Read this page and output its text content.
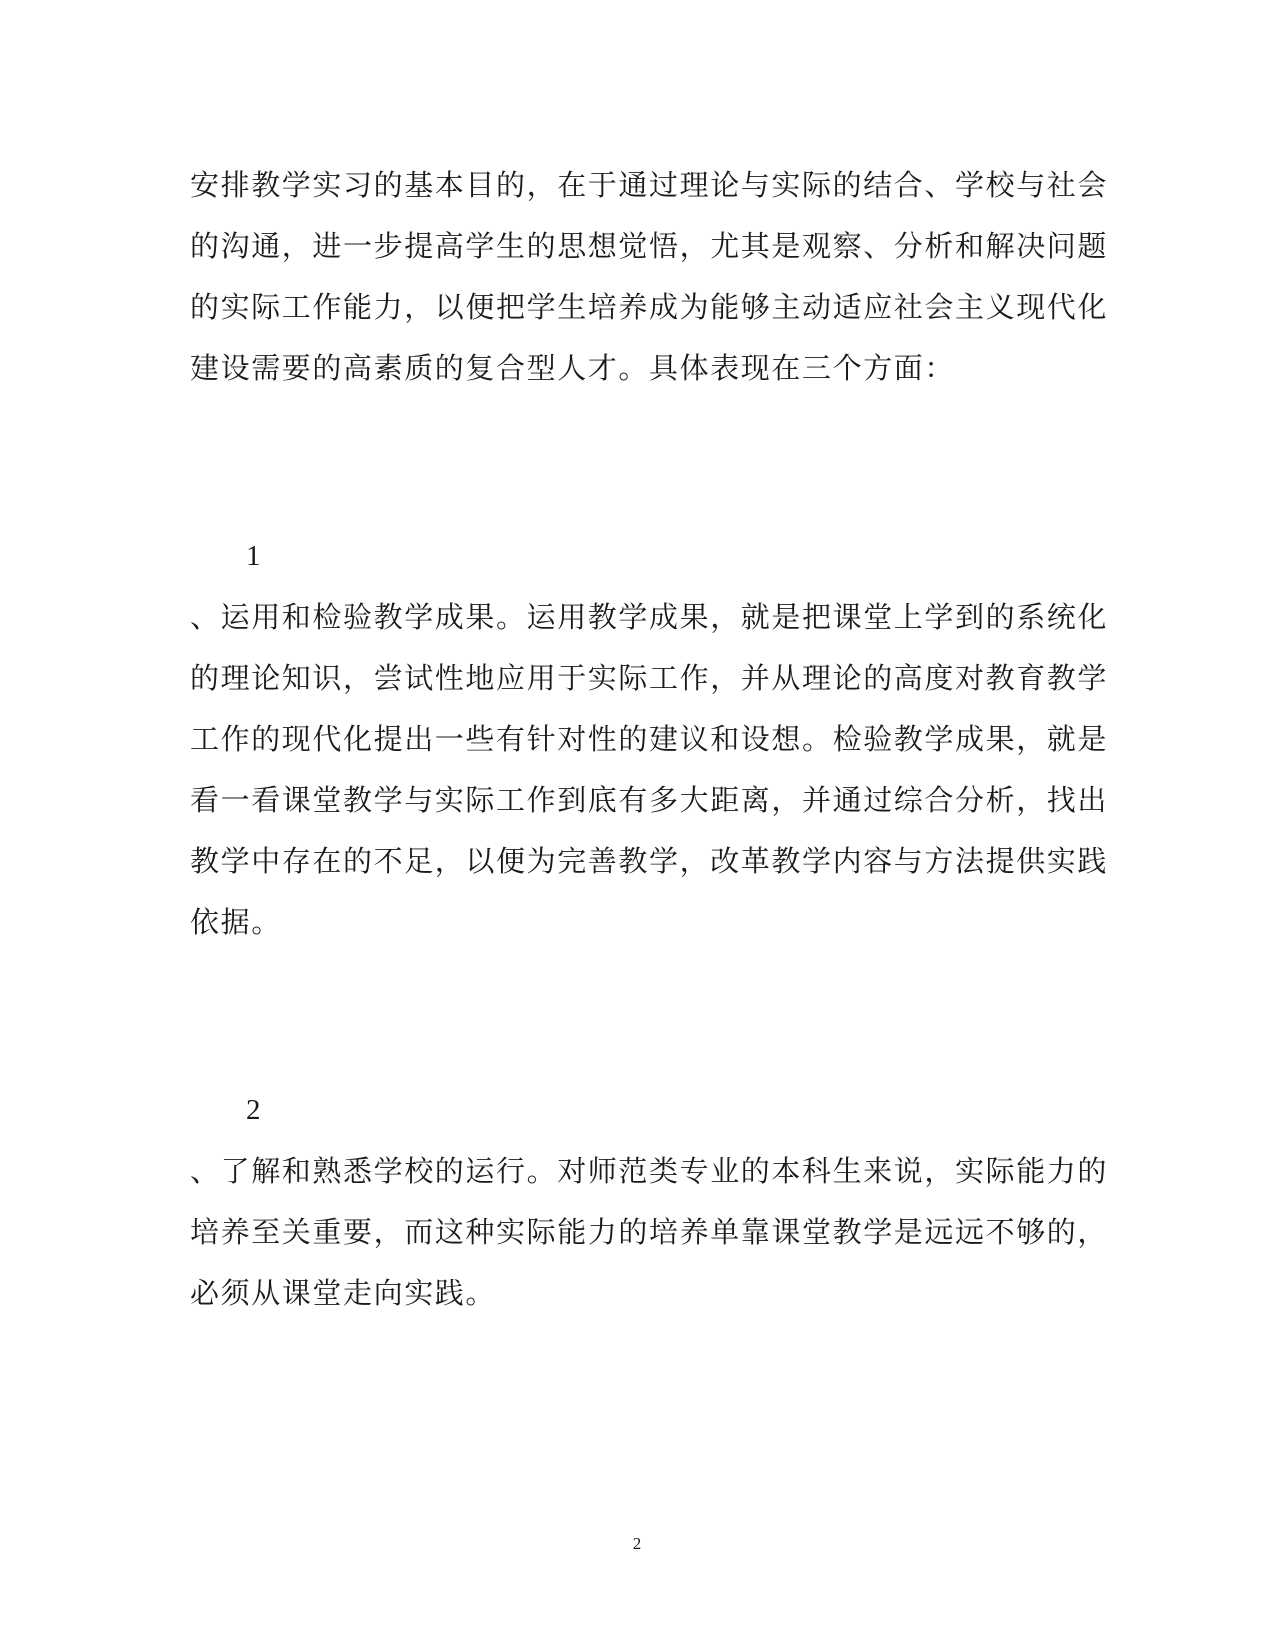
安排教学实习的基本目的，在于通过理论与实际的结合、学校与社会
的沟通，进一步提高学生的思想觉悟，尤其是观察、分析和解决问题
的实际工作能力，以便把学生培养成为能够主动适应社会主义现代化
建设需要的高素质的复合型人才。具体表现在三个方面：
1
、运用和检验教学成果。运用教学成果，就是把课堂上学到的系统化
的理论知识，尝试性地应用于实际工作，并从理论的高度对教育教学
工作的现代化提出一些有针对性的建议和设想。检验教学成果，就是
看一看课堂教学与实际工作到底有多大距离，并通过综合分析，找出
教学中存在的不足，以便为完善教学，改革教学内容与方法提供实践
依据。
2
、了解和熟悉学校的运行。对师范类专业的本科生来说，实际能力的
培养至关重要，而这种实际能力的培养单靠课堂教学是远远不够的，
必须从课堂走向实践。
2
